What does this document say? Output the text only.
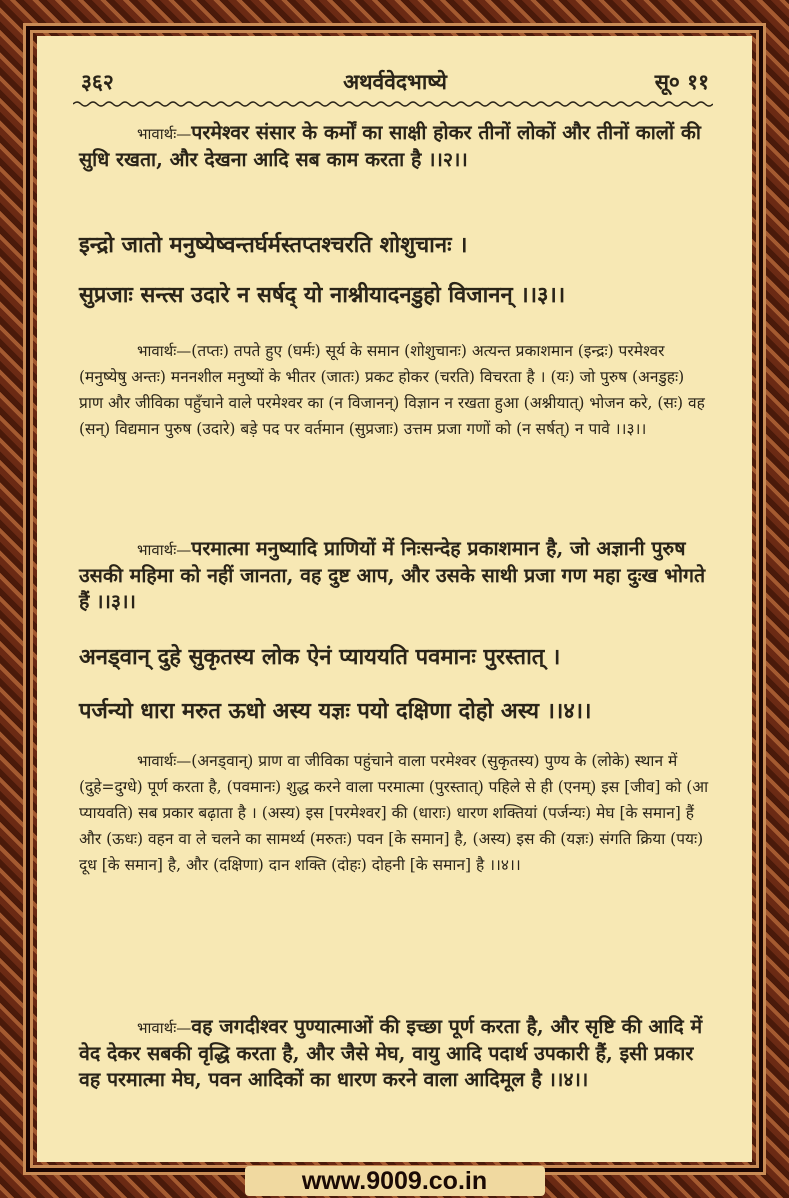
३६२	अथर्ववेदभाष्ये	सू० ११
भावार्थः—परमेश्वर संसार के कर्मों का साक्षी होकर तीनों लोकों और तीनों कालों की सुधि रखता, और देखना आदि सब काम करता है ।।२।।
इन्द्रो जातो मनुष्येष्वन्तर्घर्मस्तप्तश्चरति शोशुचानः ।
सुप्रजाः सन्त्स उदारे न सर्षद् यो नाश्नीयादनडुहो विजानन् ।।३।।
भावार्थः—(तप्तः) तपते हुए (घर्मः) सूर्य के समान (शोशुचानः) अत्यन्त प्रकाशमान (इन्द्रः) परमेश्वर (मनुष्येषु अन्तः) मननशील मनुष्यों के भीतर (जातः) प्रकट होकर (चरति) विचरता है । (यः) जो पुरुष (अनडुहः) प्राण और जीविका पहुँचाने वाले परमेश्वर का (न विजानन्) विज्ञान न रखता हुआ (अश्नीयात्) भोजन करे, (सः) वह (सन्) विद्यमान पुरुष (उदारे) बड़े पद पर वर्तमान (सुप्रजाः) उत्तम प्रजा गणों को (न सर्षत्) न पावे ।।३।।
भावार्थः—परमात्मा मनुष्यादि प्राणियों में निःसन्देह प्रकाशमान है, जो अज्ञानी पुरुष उसकी महिमा को नहीं जानता, वह दुष्ट आप, और उसके साथी प्रजा गण महा दुःख भोगते हैं ।।३।।
अनड्वान् दुहे सुकृतस्य लोक ऐनं प्याययति पवमानः पुरस्तात् ।
पर्जन्यो धारा मरुत ऊधो अस्य यज्ञः पयो दक्षिणा दोहो अस्य ।।४।।
भावार्थः—(अनड्वान्) प्राण वा जीविका पहुंचाने वाला परमेश्वर (सुकृतस्य) पुण्य के (लोके) स्थान में (दुहे=दुग्धे) पूर्ण करता है, (पवमानः) शुद्ध करने वाला परमात्मा (पुरस्तात्) पहिले से ही (एनम्) इस [जीव] को (आ प्यायवति) सब प्रकार बढ़ाता है । (अस्य) इस [परमेश्वर] की (धाराः) धारण शक्तियां (पर्जन्यः) मेघ [के समान] हैं और (ऊधः) वहन वा ले चलने का सामर्थ्य (मरुतः) पवन [के समान] है, (अस्य) इस की (यज्ञः) संगति क्रिया (पयः) दूध [के समान] है, और (दक्षिणा) दान शक्ति (दोहः) दोहनी [के समान] है ।।४।।
भावार्थः—वह जगदीश्वर पुण्यात्माओं की इच्छा पूर्ण करता है, और सृष्टि की आदि में वेद देकर सबकी वृद्धि करता है, और जैसे मेघ, वायु आदि पदार्थ उपकारी हैं, इसी प्रकार वह परमात्मा मेघ, पवन आदिकों का धारण करने वाला आदिमूल है ।।४।।
www.9009.co.in
